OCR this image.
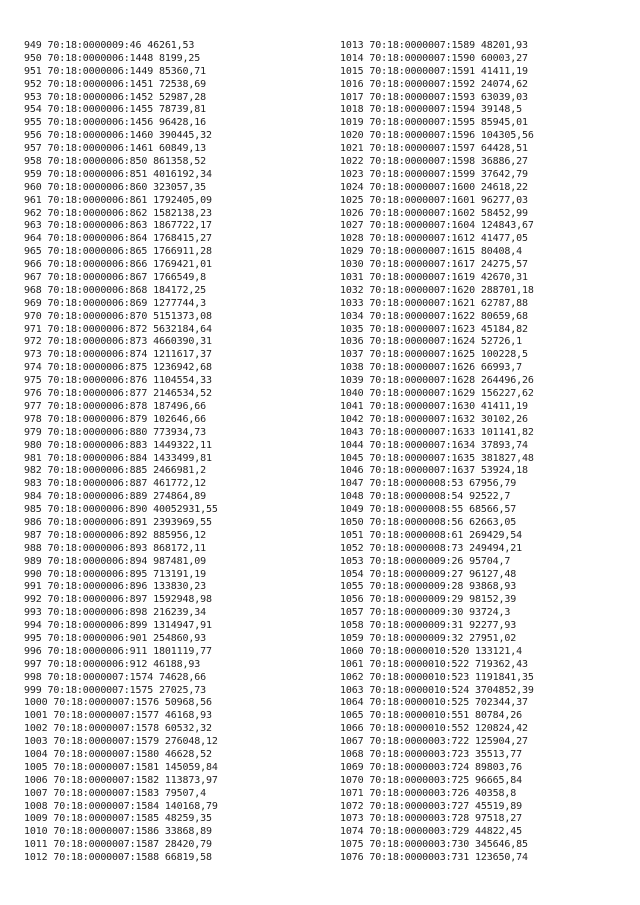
949 70:18:0000009:46 46261,53
950 70:18:0000006:1448 8199,25
951 70:18:0000006:1449 85360,71
952 70:18:0000006:1451 72538,69
953 70:18:0000006:1452 52987,28
954 70:18:0000006:1455 78739,81
955 70:18:0000006:1456 96428,16
956 70:18:0000006:1460 390445,32
957 70:18:0000006:1461 60849,13
958 70:18:0000006:850 861358,52
959 70:18:0000006:851 4016192,34
960 70:18:0000006:860 323057,35
961 70:18:0000006:861 1792405,09
962 70:18:0000006:862 1582138,23
963 70:18:0000006:863 1867722,17
964 70:18:0000006:864 1768415,27
965 70:18:0000006:865 1766911,28
966 70:18:0000006:866 1769421,01
967 70:18:0000006:867 1766549,8
968 70:18:0000006:868 184172,25
969 70:18:0000006:869 1277744,3
970 70:18:0000006:870 5151373,08
971 70:18:0000006:872 5632184,64
972 70:18:0000006:873 4660390,31
973 70:18:0000006:874 1211617,37
974 70:18:0000006:875 1236942,68
975 70:18:0000006:876 1104554,33
976 70:18:0000006:877 2146534,52
977 70:18:0000006:878 187496,66
978 70:18:0000006:879 102646,66
979 70:18:0000006:880 773934,73
980 70:18:0000006:883 1449322,11
981 70:18:0000006:884 1433499,81
982 70:18:0000006:885 2466981,2
983 70:18:0000006:887 461772,12
984 70:18:0000006:889 274864,89
985 70:18:0000006:890 40052931,55
986 70:18:0000006:891 2393969,55
987 70:18:0000006:892 885956,12
988 70:18:0000006:893 868172,11
989 70:18:0000006:894 987481,09
990 70:18:0000006:895 713191,19
991 70:18:0000006:896 133830,23
992 70:18:0000006:897 1592948,98
993 70:18:0000006:898 216239,34
994 70:18:0000006:899 1314947,91
995 70:18:0000006:901 254860,93
996 70:18:0000006:911 1801119,77
997 70:18:0000006:912 46188,93
998 70:18:0000007:1574 74628,66
999 70:18:0000007:1575 27025,73
1000 70:18:0000007:1576 50968,56
1001 70:18:0000007:1577 46168,93
1002 70:18:0000007:1578 60532,32
1003 70:18:0000007:1579 276048,12
1004 70:18:0000007:1580 46628,52
1005 70:18:0000007:1581 145059,84
1006 70:18:0000007:1582 113873,97
1007 70:18:0000007:1583 79507,4
1008 70:18:0000007:1584 140168,79
1009 70:18:0000007:1585 48259,35
1010 70:18:0000007:1586 33868,89
1011 70:18:0000007:1587 28420,79
1012 70:18:0000007:1588 66819,58
1013 70:18:0000007:1589 48201,93
1014 70:18:0000007:1590 60003,27
1015 70:18:0000007:1591 41411,19
1016 70:18:0000007:1592 24074,62
1017 70:18:0000007:1593 63039,03
1018 70:18:0000007:1594 39148,5
1019 70:18:0000007:1595 85945,01
1020 70:18:0000007:1596 104305,56
1021 70:18:0000007:1597 64428,51
1022 70:18:0000007:1598 36886,27
1023 70:18:0000007:1599 37642,79
1024 70:18:0000007:1600 24618,22
1025 70:18:0000007:1601 96277,03
1026 70:18:0000007:1602 58452,99
1027 70:18:0000007:1604 124843,67
1028 70:18:0000007:1612 41477,05
1029 70:18:0000007:1615 80408,4
1030 70:18:0000007:1617 24275,57
1031 70:18:0000007:1619 42670,31
1032 70:18:0000007:1620 288701,18
1033 70:18:0000007:1621 62787,88
1034 70:18:0000007:1622 80659,68
1035 70:18:0000007:1623 45184,82
1036 70:18:0000007:1624 52726,1
1037 70:18:0000007:1625 100228,5
1038 70:18:0000007:1626 66993,7
1039 70:18:0000007:1628 264496,26
1040 70:18:0000007:1629 156227,62
1041 70:18:0000007:1630 41411,19
1042 70:18:0000007:1632 30102,26
1043 70:18:0000007:1633 101141,82
1044 70:18:0000007:1634 37893,74
1045 70:18:0000007:1635 381827,48
1046 70:18:0000007:1637 53924,18
1047 70:18:0000008:53 67956,79
1048 70:18:0000008:54 92522,7
1049 70:18:0000008:55 68566,57
1050 70:18:0000008:56 62663,05
1051 70:18:0000008:61 269429,54
1052 70:18:0000008:73 249494,21
1053 70:18:0000009:26 95704,7
1054 70:18:0000009:27 96127,48
1055 70:18:0000009:28 93868,93
1056 70:18:0000009:29 98152,39
1057 70:18:0000009:30 93724,3
1058 70:18:0000009:31 92277,93
1059 70:18:0000009:32 27951,02
1060 70:18:0000010:520 133121,4
1061 70:18:0000010:522 719362,43
1062 70:18:0000010:523 1191841,35
1063 70:18:0000010:524 3704852,39
1064 70:18:0000010:525 702344,37
1065 70:18:0000010:551 80784,26
1066 70:18:0000010:552 120824,42
1067 70:18:0000003:722 125904,27
1068 70:18:0000003:723 35513,77
1069 70:18:0000003:724 89803,76
1070 70:18:0000003:725 96665,84
1071 70:18:0000003:726 40358,8
1072 70:18:0000003:727 45519,89
1073 70:18:0000003:728 97518,27
1074 70:18:0000003:729 44822,45
1075 70:18:0000003:730 345646,85
1076 70:18:0000003:731 123650,74
